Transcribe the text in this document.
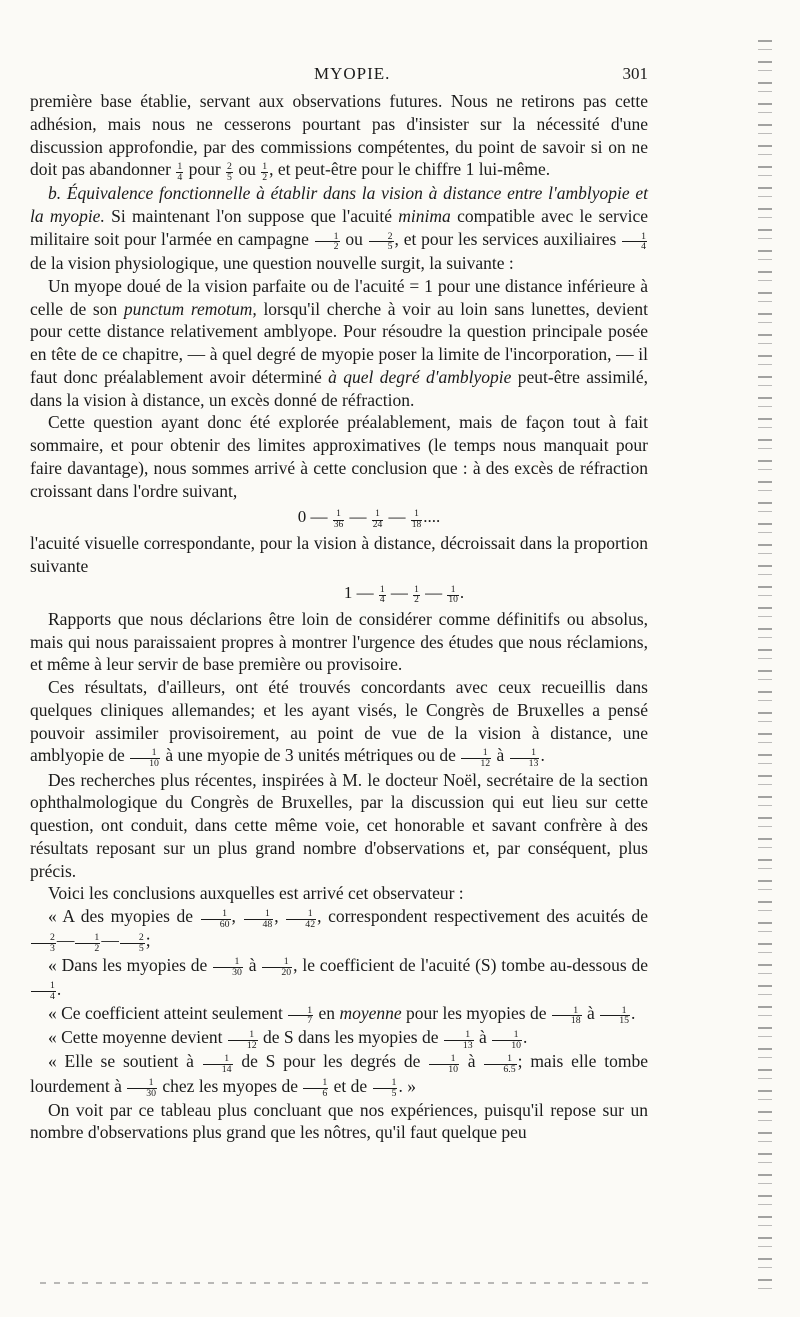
MYOPIE.	301

première base établie, servant aux observations futures. Nous ne retirons pas cette adhésion, mais nous ne cesserons pourtant pas d'insister sur la nécessité d'une discussion approfondie, par des commissions compétentes, du point de savoir si on ne doit pas abandonner $\frac{1}{4}$ pour $\frac{2}{5}$ ou $\frac{1}{2}$ , et peut-être pour le chiffre 1 lui-même.

b. Équivalence fonctionnelle à établir dans la vision à distance entre l'amblyopie et la myopie. Si maintenant l'on suppose que l'acuité minima compatible avec le service militaire soit pour l'armée en campagne $\frac{1}{2}$ ou $\frac{2}{5}$ , et pour les services auxiliaires $\frac{1}{4}$
de la vision physiologique, une question nouvelle surgit, la suivante :

Un myope doué de la vision parfaite ou de l'acuité = 1 pour une distance inférieure à celle de son punctum remotum, lorsqu'il cherche à voir au loin sans lunettes, devient pour cette distance relativement amblyope. Pour résoudre la question principale posée en tête de ce chapitre, — à quel degré de myopie poser la limite de l'incorporation, — il faut donc préalablement avoir déterminé à quel degré d'amblyopie peut-être assimilé, dans la vision à distance, un excès donné de réfraction.

Cette question ayant donc été explorée préalablement, mais de façon tout à fait sommaire, et pour obtenir des limites approximatives (le temps nous manquait pour faire davantage), nous sommes arrivé à cette conclusion que : à des excès de réfraction croissant dans l'ordre suivant,

0 — $\frac{1}{36}$ — $\frac{1}{24}$ — $\frac{1}{18}$ ....

l'acuité visuelle correspondante, pour la vision à distance, décroissait dans la proportion suivante

1 — $\frac{1}{4}$ — $\frac{1}{2}$ — $\frac{1}{10}$ .

Rapports que nous déclarions être loin de considérer comme définitifs ou absolus, mais qui nous paraissaient propres à montrer l'urgence des études que nous réclamions, et même à leur servir de base première ou provisoire.

Ces résultats, d'ailleurs, ont été trouvés concordants avec ceux recueillis dans quelques cliniques allemandes; et les ayant visés, le Congrès de Bruxelles a pensé pouvoir assimiler provisoirement, au point de vue de la vision à distance, une amblyopie de $\frac{1}{10}$ à une myopie de 3 unités métriques ou de $\frac{1}{12}$ à $\frac{1}{13}$ .

Des recherches plus récentes, inspirées à M. le docteur Noël, secrétaire de la section ophthalmologique du Congrès de Bruxelles, par la discussion qui eut lieu sur cette question, ont conduit, dans cette même voie, cet honorable et savant confrère à des résultats reposant sur un plus grand nombre d'observations et, par conséquent, plus précis.

Voici les conclusions auxquelles est arrivé cet observateur :

« A des myopies de $\frac{1}{60}$ , $\frac{1}{48}$ , $\frac{1}{42}$ , correspondent respectivement des acuités de
$\frac{2}{3}$ — $\frac{1}{2}$ — $\frac{2}{5}$ ;

« Dans les myopies de $\frac{1}{30}$ à $\frac{1}{20}$ , le coefficient de l'acuité (S) tombe au-dessous de
$\frac{1}{4}$ .

« Ce coefficient atteint seulement $\frac{1}{7}$ en moyenne pour les myopies de $\frac{1}{18}$ à $\frac{1}{15}$ .

« Cette moyenne devient $\frac{1}{12}$ de S dans les myopies de $\frac{1}{13}$ à $\frac{1}{10}$ .

« Elle se soutient à $\frac{1}{14}$ de S pour les degrés de $\frac{1}{10}$ à $\frac{1}{6.5}$ ; mais elle tombe lourdement à $\frac{1}{30}$ chez les myopes de $\frac{1}{6}$ et de $\frac{1}{5}$ . »

On voit par ce tableau plus concluant que nos expériences, puisqu'il repose sur un nombre d'observations plus grand que les nôtres, qu'il faut quelque peu
